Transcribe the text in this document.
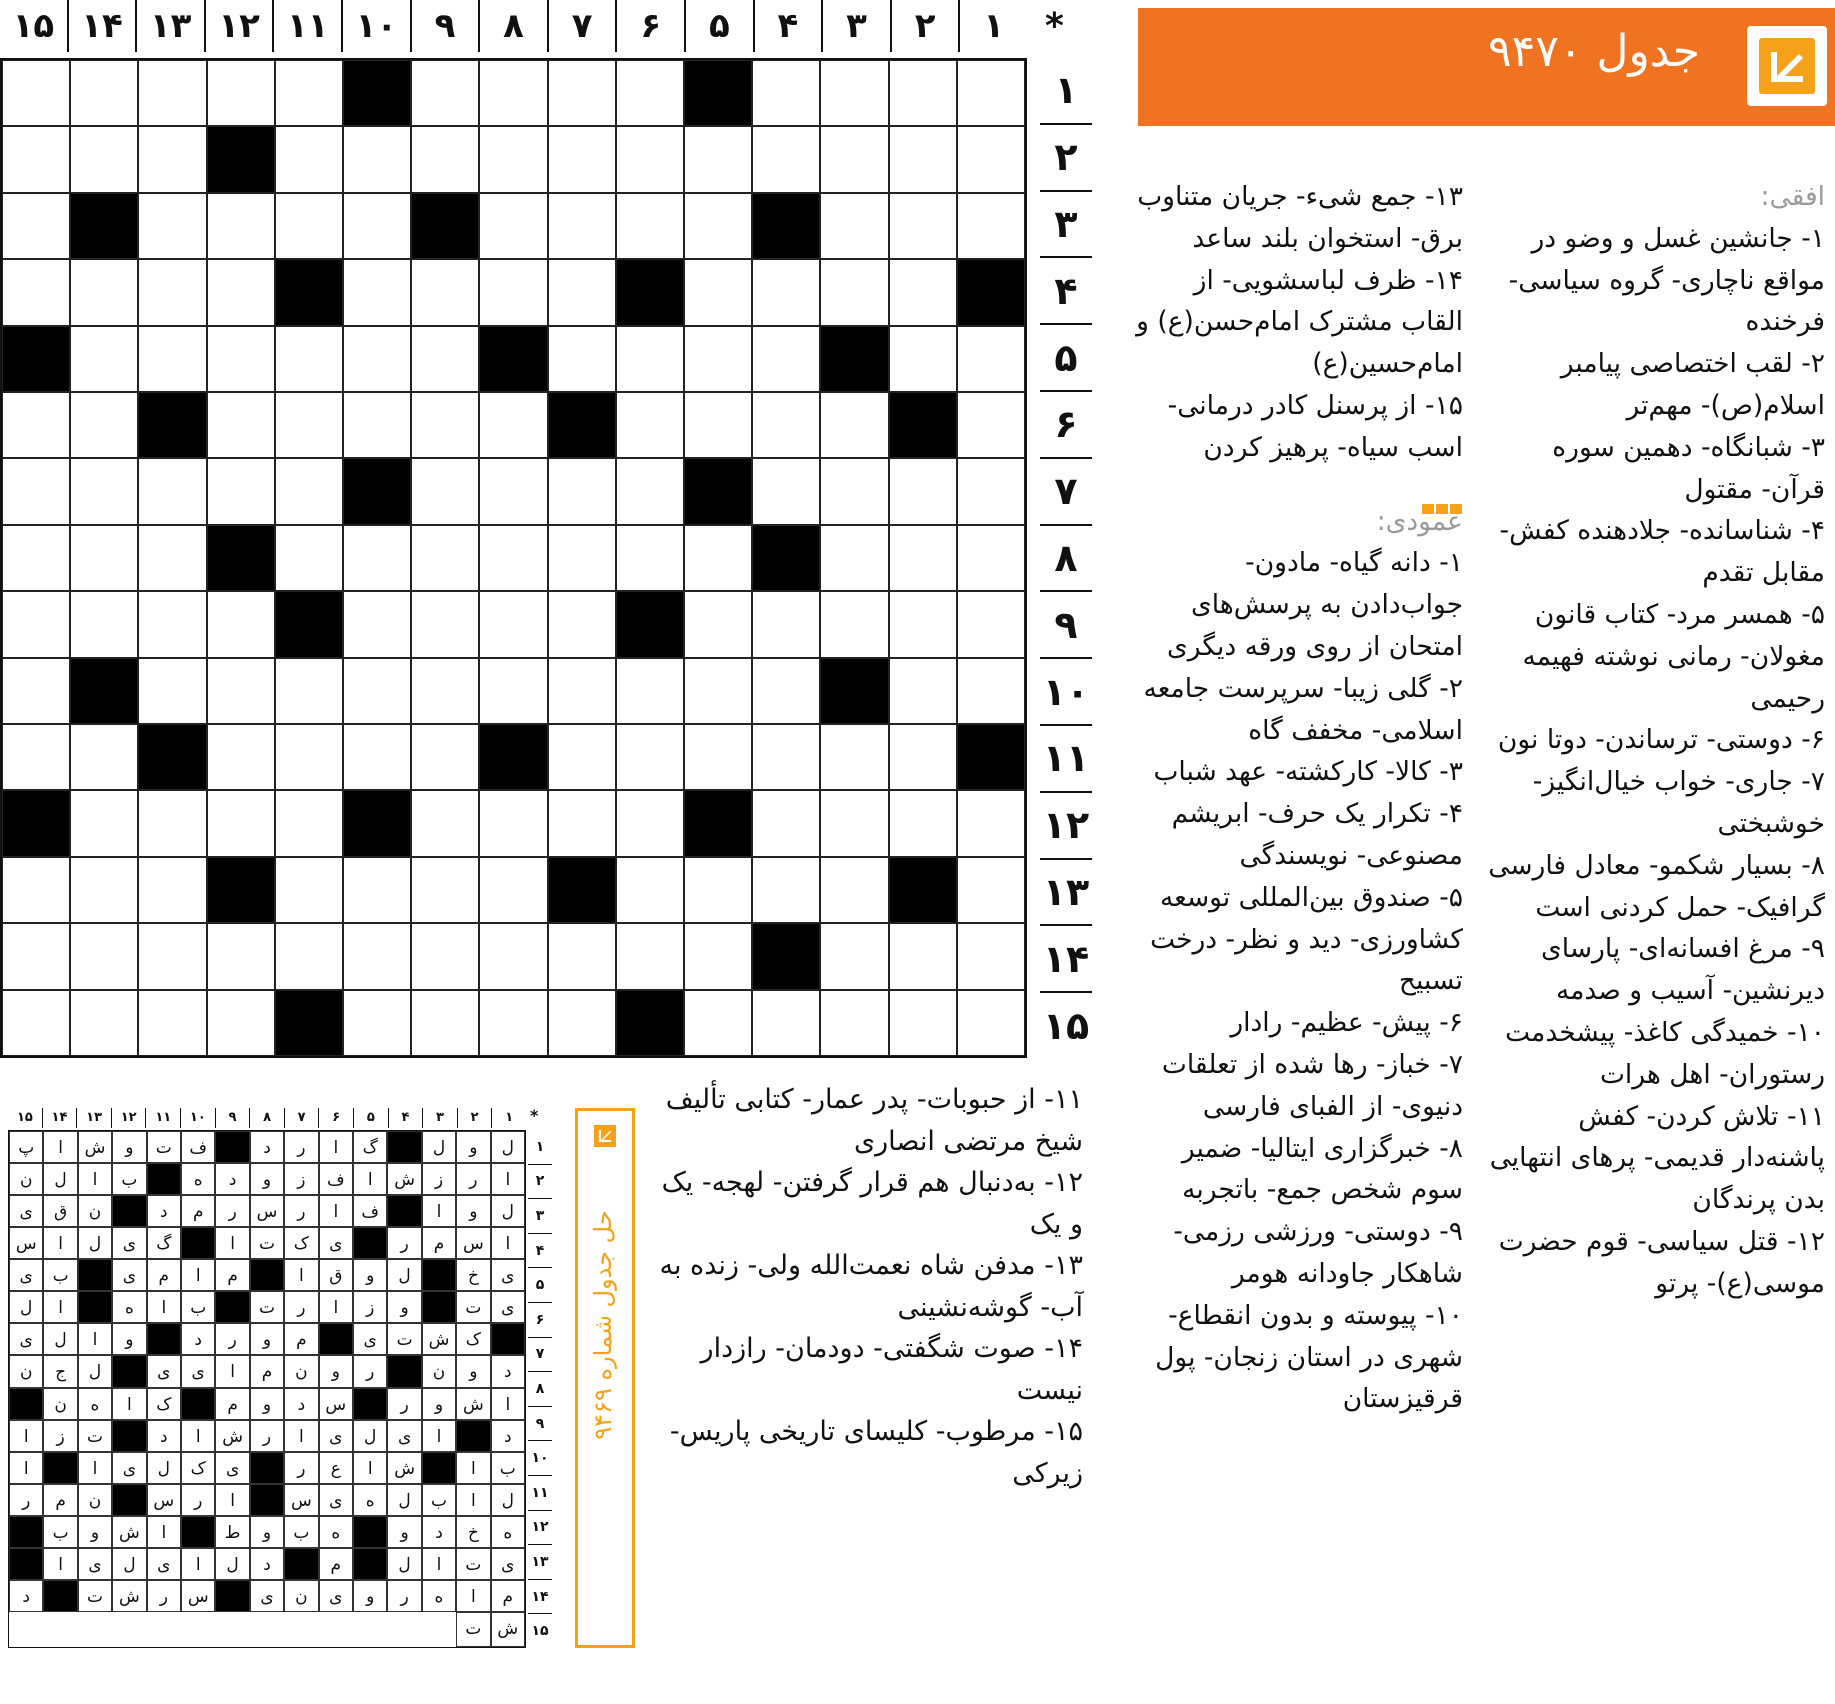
جدول ۹۴۷۰
۱
۲
۳
۴
۵
۶
۷
۸
۹
۱۰
۱۱
۱۲
۱۳
۱۴
۱۵	*
۱
۲
۳
۴
۵
۶
۷
۸
۹
۱۰
۱۱
۱۲
۱۳
۱۴
۱۵
افقی:

۱- جانشین غسل و وضو در مواقع ناچاری- گروه سیاسی- فرخنده

۲- لقب اختصاصی پیامبر اسلام(ص)- مهم‌تر

۳- شبانگاه- دهمین سوره قرآن- مقتول

۴- شناسانده- جلادهنده کفش- مقابل تقدم

۵- همسر مرد- کتاب قانون مغولان- رمانی نوشته فهیمه رحیمی

۶- دوستی- ترساندن- دوتا نون

۷- جاری- خواب خیال‌انگیز- خوشبختی

۸- بسیار شکمو- معادل فارسی گرافیک- حمل کردنی است

۹- مرغ افسانه‌ای- پارسای دیرنشین- آسیب و صدمه

۱۰- خمیدگی کاغذ- پیشخدمت رستوران- اهل هرات

۱۱- تلاش کردن- کفش پاشنه‌دار قدیمی- پرهای انتهایی بدن پرندگان

۱۲- قتل سیاسی- قوم حضرت موسی(ع)- پرتو

۱۳- جمع شیء- جریان متناوب برق- استخوان بلند ساعد

۱۴- ظرف لباسشویی- از القاب مشترک امام‌حسن(ع) و امام‌حسین(ع)

۱۵- از پرسنل کادر درمانی- اسب سیاه- پرهیز کردن

عمودی:

۱- دانه گیاه- مادون- جواب‌دادن به پرسش‌های امتحان از روی ورقه دیگری

۲- گلی زیبا- سرپرست جامعه اسلامی- مخفف گاه

۳- کالا- کارکشته- عهد شباب

۴- تکرار یک حرف- ابریشم مصنوعی- نویسندگی

۵- صندوق بین‌المللی توسعه کشاورزی- دید و نظر- درخت تسبیح

۶- پیش- عظیم- رادار

۷- خباز- رها شده از تعلقات دنیوی- از الفبای فارسی

۸- خبرگزاری ایتالیا- ضمیر سوم شخص جمع- باتجربه

۹- دوستی- ورزشی رزمی- شاهکار جاودانه هومر

۱۰- پیوسته و بدون انقطاع- شهری در استان زنجان- پول قرقیزستان

۱۱- از حبوبات- پدر عمار- کتابی تألیف شیخ مرتضی انصاری

۱۲- به‌دنبال هم قرار گرفتن- لهجه- یک و یک

۱۳- مدفن شاه نعمت‌الله ولی- زنده به آب- گوشه‌نشینی

۱۴- صوت شگفتی- دودمان- رازدار نیست

۱۵- مرطوب- کلیسای تاریخی پاریس- زیرکی

حل جدول شماره ۹۴۶۹
۱
۲
۳
۴
۵
۶
۷
۸
۹
۱۰
۱۱
۱۲
۱۳
۱۴
۱۵	*
ل
و
ل
گ
ا
ر
د
ف
ت
و
ش
ا
پ
ا
ر
ز
ش
ا
ف
ز
و
د
ه
ب
ا
ل
ن
ل
و
ا
ف
ا
ر
س
ر
م
د
ن
ق
ی
ا
س
م
ر
ی
ک
ت
ا
گ
ی
ل
ا
س
ی
خ
ل
و
ق
ا
م
ا
م
ی
ب
ی
ی
ت
و
ز
ا
ر
ت
ب
ا
ه
ا
ل
ک
ش
ت
ی
م
و
ر
د
و
ا
ل
ی
د
و
ن
ر
و
ن
م
ا
ی
ی
ل
ج
ن
ا
ش
و
ر
س
د
و
م
ک
ا
ه
ن
د
ا
ی
ل
ی
ا
ر
ش
ا
د
ت
ز
ا
ب
ا
ش
ا
ع
ر
ی
ک
ل
ی
ا
ا
ل
ا
ب
ل
ه
ی
س
ا
ر
س
ن
م
ر
ه
خ
د
و
ه
ب
و
ط
ا
ش
و
ب
ی
ت
ا
ل
م
د
ل
ا
ی
ل
ی
ا
م
ا
ه
ر
و
ی
ن
ی
س
ر
ش
ت
د
ش
ت
۱
۲
۳
۴
۵
۶
۷
۸
۹
۱۰
۱۱
۱۲
۱۳
۱۴
۱۵
